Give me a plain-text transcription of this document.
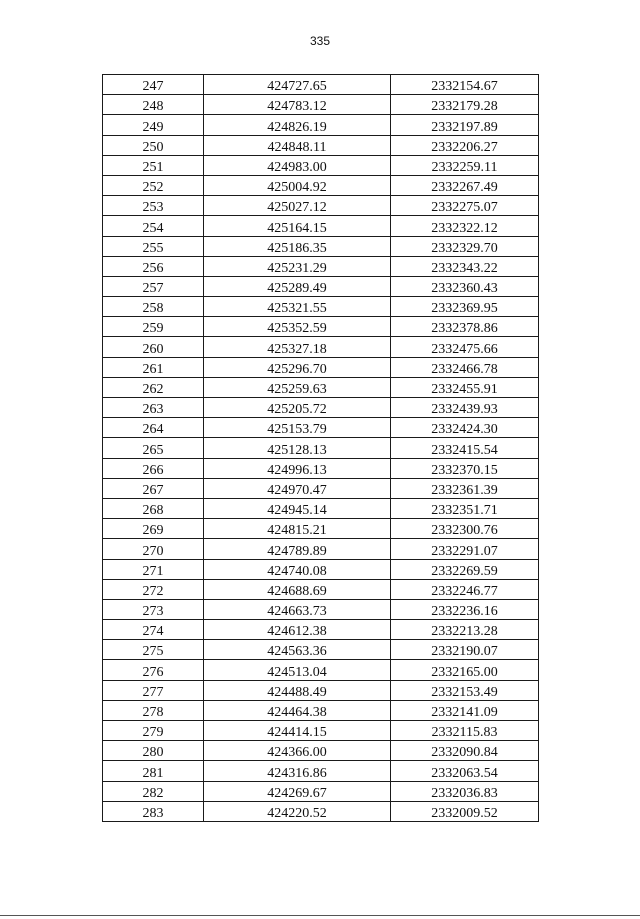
335
247	424727.65	2332154.67
248	424783.12	2332179.28
249	424826.19	2332197.89
250	424848.11	2332206.27
251	424983.00	2332259.11
252	425004.92	2332267.49
253	425027.12	2332275.07
254	425164.15	2332322.12
255	425186.35	2332329.70
256	425231.29	2332343.22
257	425289.49	2332360.43
258	425321.55	2332369.95
259	425352.59	2332378.86
260	425327.18	2332475.66
261	425296.70	2332466.78
262	425259.63	2332455.91
263	425205.72	2332439.93
264	425153.79	2332424.30
265	425128.13	2332415.54
266	424996.13	2332370.15
267	424970.47	2332361.39
268	424945.14	2332351.71
269	424815.21	2332300.76
270	424789.89	2332291.07
271	424740.08	2332269.59
272	424688.69	2332246.77
273	424663.73	2332236.16
274	424612.38	2332213.28
275	424563.36	2332190.07
276	424513.04	2332165.00
277	424488.49	2332153.49
278	424464.38	2332141.09
279	424414.15	2332115.83
280	424366.00	2332090.84
281	424316.86	2332063.54
282	424269.67	2332036.83
283	424220.52	2332009.52
